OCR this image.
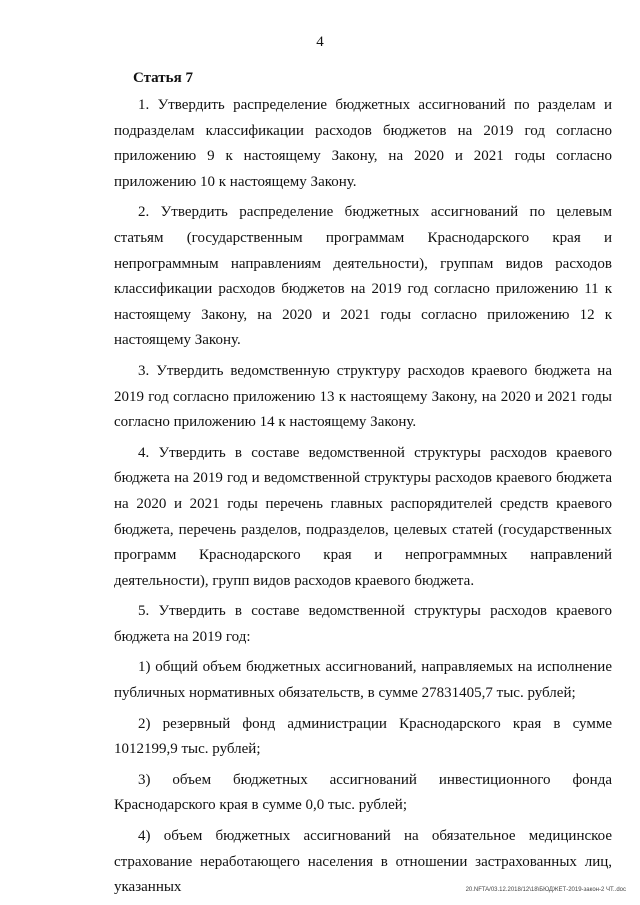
4
Статья 7

1. Утвердить распределение бюджетных ассигнований по разделам и подразделам классификации расходов бюджетов на 2019 год согласно приложению 9 к настоящему Закону, на 2020 и 2021 годы согласно приложению 10 к настоящему Закону.

2. Утвердить распределение бюджетных ассигнований по целевым статьям (государственным программам Краснодарского края и непрограммным направлениям деятельности), группам видов расходов классификации расходов бюджетов на 2019 год согласно приложению 11 к настоящему Закону, на 2020 и 2021 годы согласно приложению 12 к настоящему Закону.

3. Утвердить ведомственную структуру расходов краевого бюджета на 2019 год согласно приложению 13 к настоящему Закону, на 2020 и 2021 годы согласно приложению 14 к настоящему Закону.

4. Утвердить в составе ведомственной структуры расходов краевого бюджета на 2019 год и ведомственной структуры расходов краевого бюджета на 2020 и 2021 годы перечень главных распорядителей средств краевого бюджета, перечень разделов, подразделов, целевых статей (государственных программ Краснодарского края и непрограммных направлений деятельности), групп видов расходов краевого бюджета.

5. Утвердить в составе ведомственной структуры расходов краевого бюджета на 2019 год:

1) общий объем бюджетных ассигнований, направляемых на исполнение публичных нормативных обязательств, в сумме 27831405,7 тыс. рублей;

2) резервный фонд администрации Краснодарского края в сумме 1012199,9 тыс. рублей;

3) объем бюджетных ассигнований инвестиционного фонда Краснодарского края в сумме 0,0 тыс. рублей;

4) объем бюджетных ассигнований на обязательное медицинское страхование неработающего населения в отношении застрахованных лиц, указанных	20.NFTA/03.12.2018/12\18\БЮДЖЕТ-2019-закон-2 ЧТ..doc
